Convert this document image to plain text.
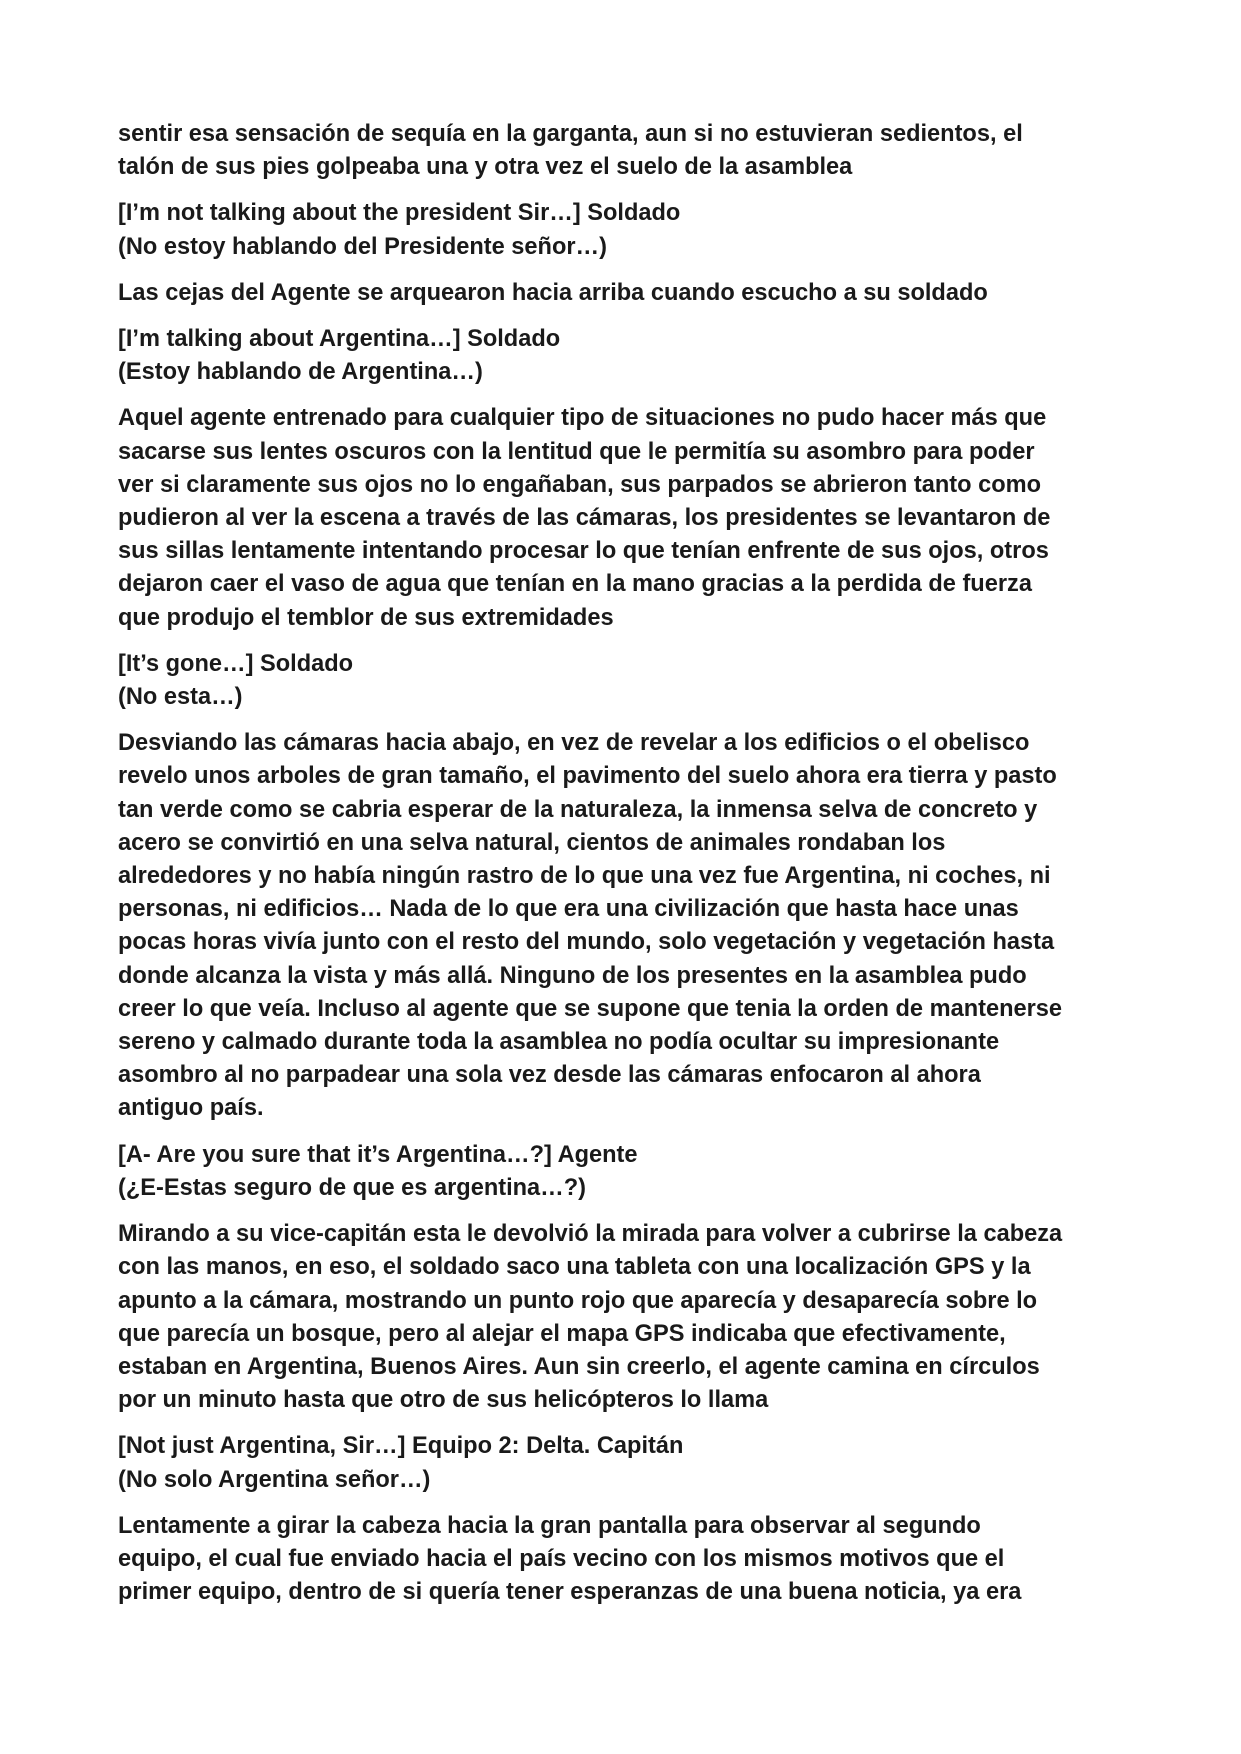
sentir esa sensación de sequía en la garganta, aun si no estuvieran sedientos, el
talón de sus pies golpeaba una y otra vez el suelo de la asamblea

[I’m not talking about the president Sir…] Soldado
(No estoy hablando del Presidente señor…)

Las cejas del Agente se arquearon hacia arriba cuando escucho a su soldado

[I’m talking about Argentina…] Soldado
(Estoy hablando de Argentina…)

Aquel agente entrenado para cualquier tipo de situaciones no pudo hacer más que
sacarse sus lentes oscuros con la lentitud que le permitía su asombro para poder
ver si claramente sus ojos no lo engañaban, sus parpados se abrieron tanto como
pudieron al ver la escena a través de las cámaras, los presidentes se levantaron de
sus sillas lentamente intentando procesar lo que tenían enfrente de sus ojos, otros
dejaron caer el vaso de agua que tenían en la mano gracias a la perdida de fuerza
que produjo el temblor de sus extremidades

[It’s gone…] Soldado
(No esta…)

Desviando las cámaras hacia abajo, en vez de revelar a los edificios o el obelisco
revelo unos arboles de gran tamaño, el pavimento del suelo ahora era tierra y pasto
tan verde como se cabria esperar de la naturaleza, la inmensa selva de concreto y
acero se convirtió en una selva natural, cientos de animales rondaban los
alrededores y no había ningún rastro de lo que una vez fue Argentina, ni coches, ni
personas, ni edificios… Nada de lo que era una civilización que hasta hace unas
pocas horas vivía junto con el resto del mundo, solo vegetación y vegetación hasta
donde alcanza la vista y más allá. Ninguno de los presentes en la asamblea pudo
creer lo que veía. Incluso al agente que se supone que tenia la orden de mantenerse
sereno y calmado durante toda la asamblea no podía ocultar su impresionante
asombro al no parpadear una sola vez desde las cámaras enfocaron al ahora
antiguo país.

[A- Are you sure that it’s Argentina…?] Agente
(¿E-Estas seguro de que es argentina…?)

Mirando a su vice-capitán esta le devolvió la mirada para volver a cubrirse la cabeza
con las manos, en eso, el soldado saco una tableta con una localización GPS y la
apunto a la cámara, mostrando un punto rojo que aparecía y desaparecía sobre lo
que parecía un bosque, pero al alejar el mapa GPS indicaba que efectivamente,
estaban en Argentina, Buenos Aires. Aun sin creerlo, el agente camina en círculos
por un minuto hasta que otro de sus helicópteros lo llama

[Not just Argentina, Sir…] Equipo 2: Delta. Capitán
(No solo Argentina señor…)

Lentamente a girar la cabeza hacia la gran pantalla para observar al segundo
equipo, el cual fue enviado hacia el país vecino con los mismos motivos que el
primer equipo, dentro de si quería tener esperanzas de una buena noticia, ya era
